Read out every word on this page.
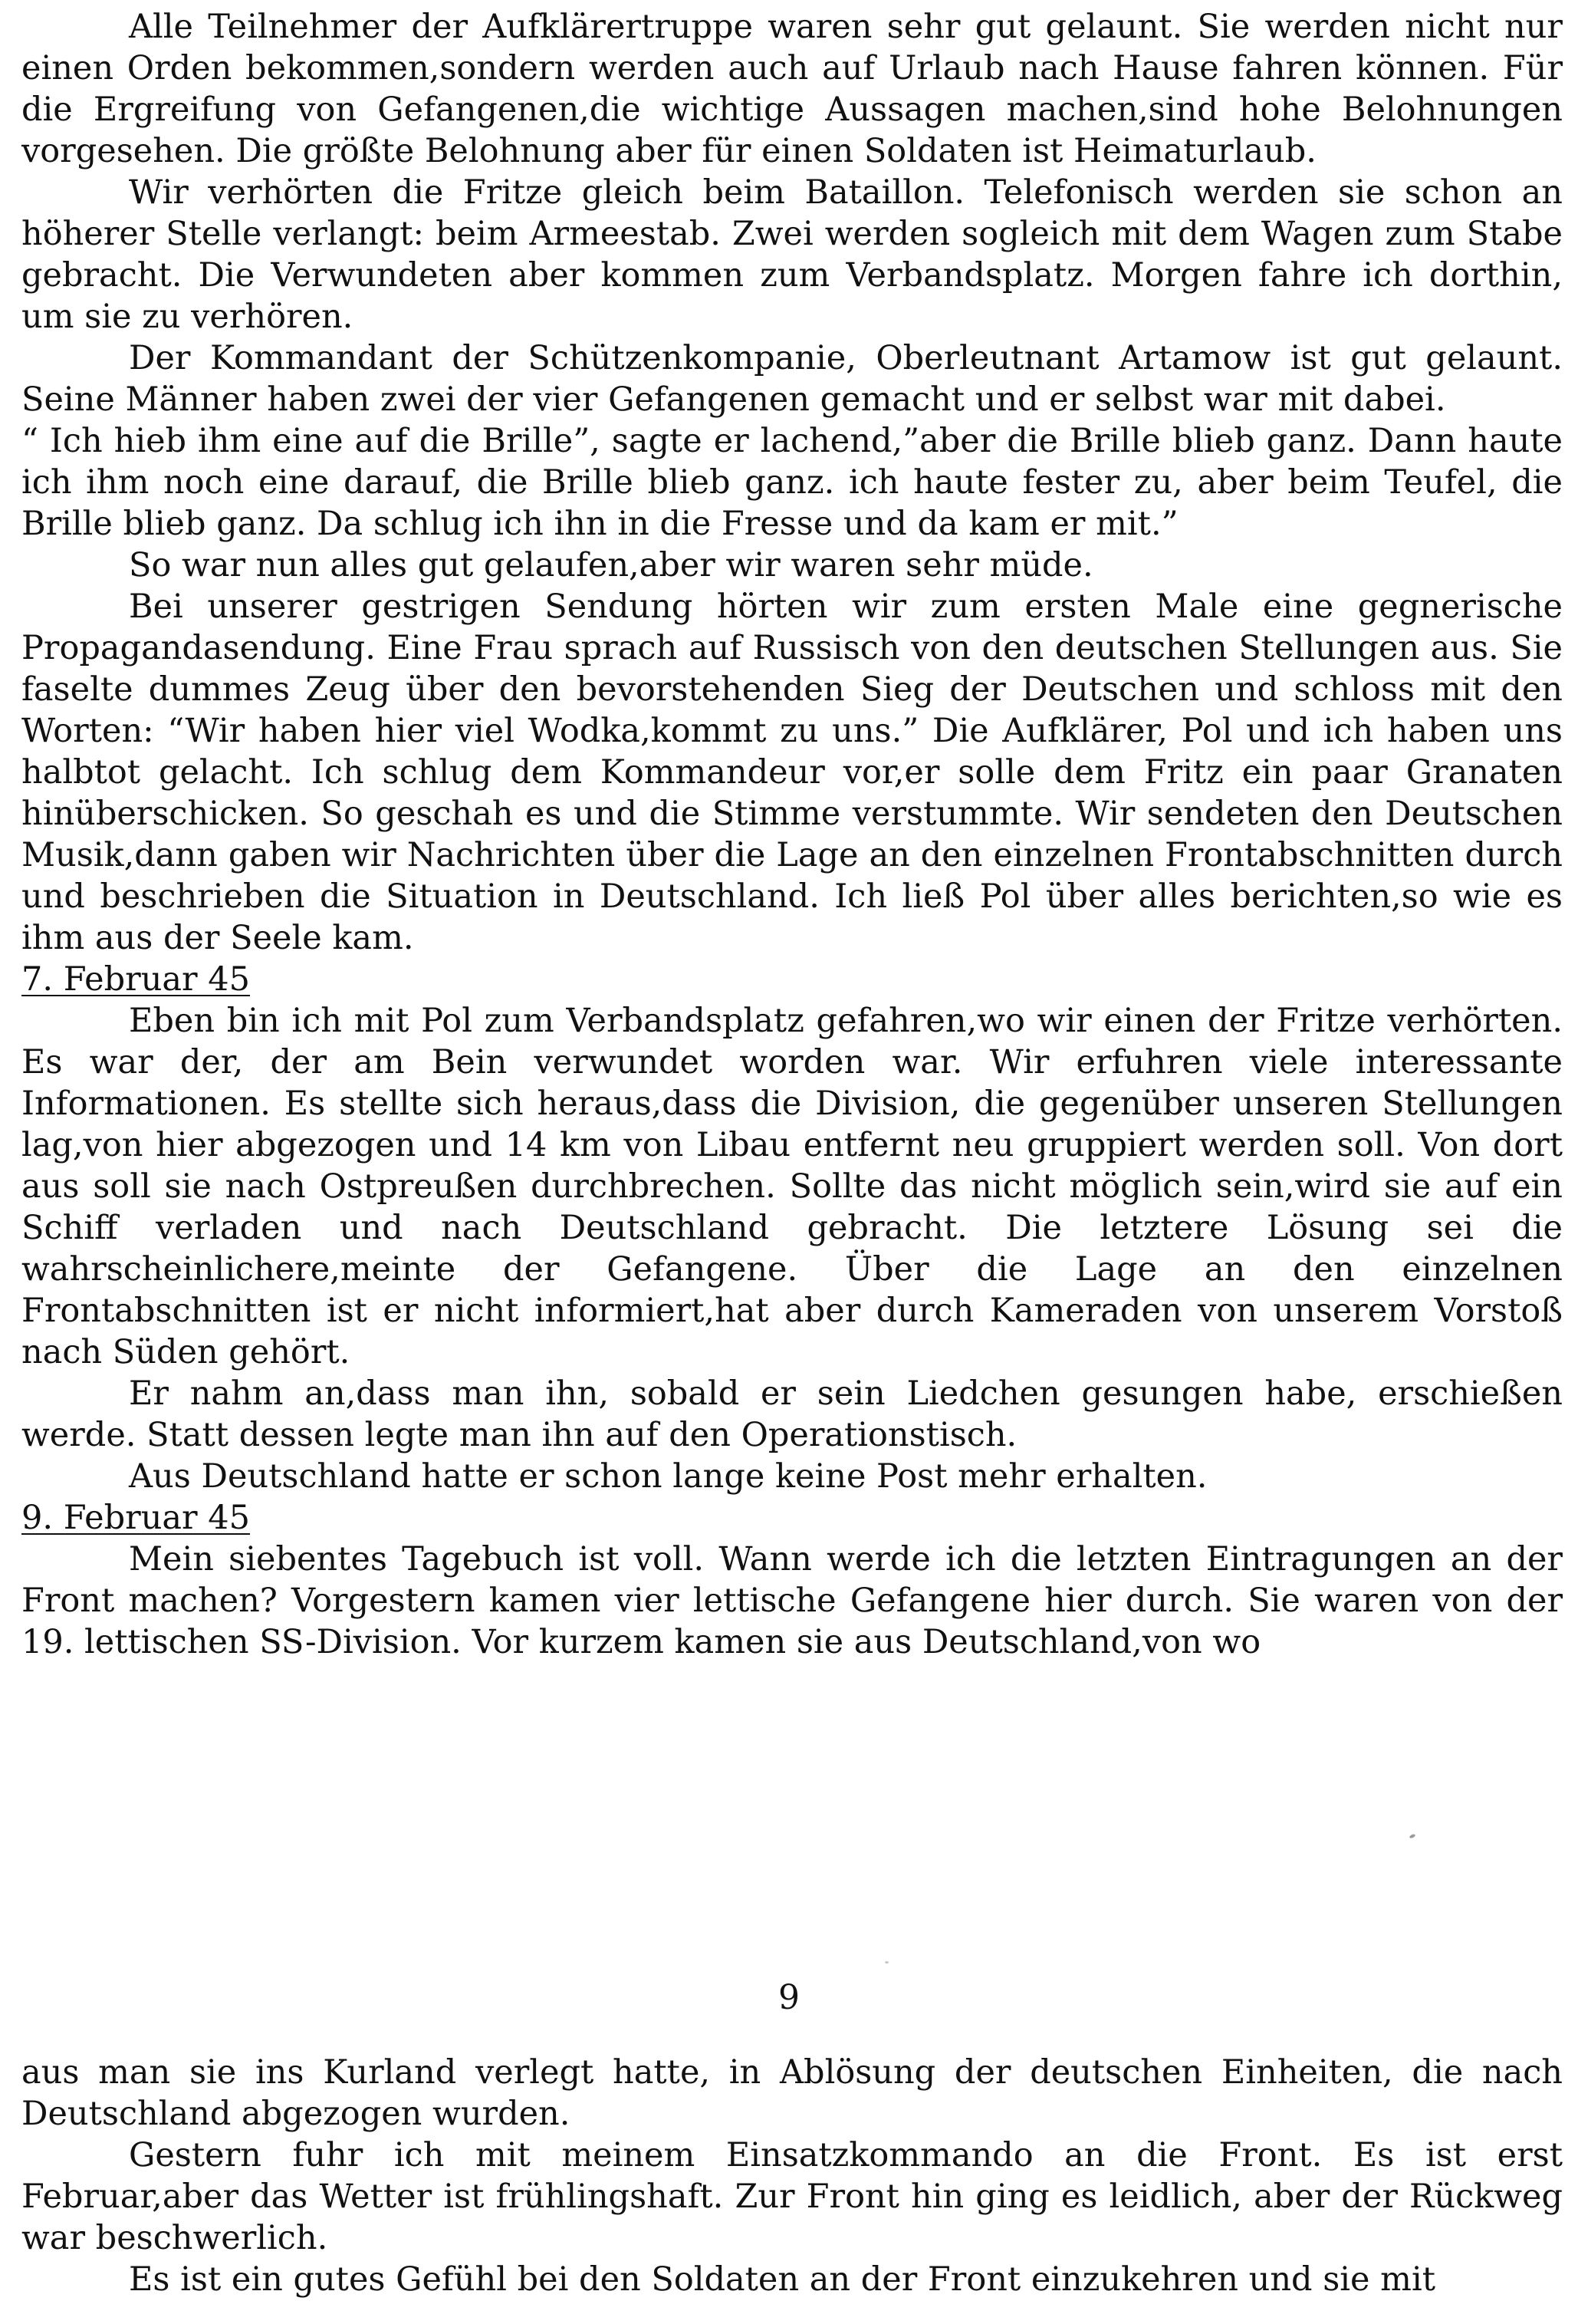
Alle Teilnehmer der Aufklärertruppe waren sehr gut gelaunt. Sie werden nicht nur einen Orden bekommen,sondern werden auch auf Urlaub nach Hause fahren können. Für die Ergreifung von Gefangenen,die wichtige Aussagen machen,sind hohe Belohnungen vorgesehen. Die größte Belohnung aber für einen Soldaten ist Heimaturlaub.

Wir verhörten die Fritze gleich beim Bataillon. Telefonisch werden sie schon an höherer Stelle verlangt: beim Armeestab. Zwei werden sogleich mit dem Wagen zum Stabe gebracht. Die Verwundeten aber kommen zum Verbandsplatz. Morgen fahre ich dorthin, um sie zu verhören.

Der Kommandant der Schützenkompanie, Oberleutnant Artamow ist gut gelaunt. Seine Männer haben zwei der vier Gefangenen gemacht und er selbst war mit dabei.

“ Ich hieb ihm eine auf die Brille”, sagte er lachend,”aber die Brille blieb ganz. Dann haute ich ihm noch eine darauf, die Brille blieb ganz. ich haute fester zu, aber beim Teufel, die Brille blieb ganz. Da schlug ich ihn in die Fresse und da kam er mit.”

So war nun alles gut gelaufen,aber wir waren sehr müde.

Bei unserer gestrigen Sendung hörten wir zum ersten Male eine gegnerische Propagandasendung. Eine Frau sprach auf Russisch von den deutschen Stellungen aus. Sie faselte dummes Zeug über den bevorstehenden Sieg der Deutschen und schloss mit den Worten: “Wir haben hier viel Wodka,kommt zu uns.” Die Aufklärer, Pol und ich haben uns halbtot gelacht. Ich schlug dem Kommandeur vor,er solle dem Fritz ein paar Granaten hinüberschicken. So geschah es und die Stimme verstummte. Wir sendeten den Deutschen Musik,dann gaben wir Nachrichten über die Lage an den einzelnen Frontabschnitten durch und beschrieben die Situation in Deutschland. Ich ließ Pol über alles berichten,so wie es ihm aus der Seele kam.

7. Februar 45

Eben bin ich mit Pol zum Verbandsplatz gefahren,wo wir einen der Fritze verhörten. Es war der, der am Bein verwundet worden war. Wir erfuhren viele interessante Informationen. Es stellte sich heraus,dass die Division, die gegenüber unseren Stellungen lag,von hier abgezogen und 14 km von Libau entfernt neu gruppiert werden soll. Von dort aus soll sie nach Ostpreußen durchbrechen. Sollte das nicht möglich sein,wird sie auf ein Schiff verladen und nach Deutschland gebracht. Die letztere Lösung sei die wahrscheinlichere,meinte der Gefangene. Über die Lage an den einzelnen Frontabschnitten ist er nicht informiert,hat aber durch Kameraden von unserem Vorstoß nach Süden gehört.

Er nahm an,dass man ihn, sobald er sein Liedchen gesungen habe, erschießen werde. Statt dessen legte man ihn auf den Operationstisch.

Aus Deutschland hatte er schon lange keine Post mehr erhalten.

9. Februar 45

Mein siebentes Tagebuch ist voll. Wann werde ich die letzten Eintragungen an der Front machen? Vorgestern kamen vier lettische Gefangene hier durch. Sie waren von der 19. lettischen SS-Division. Vor kurzem kamen sie aus Deutschland,von wo

9

aus man sie ins Kurland verlegt hatte, in Ablösung der deutschen Einheiten, die nach Deutschland abgezogen wurden.

Gestern fuhr ich mit meinem Einsatzkommando an die Front. Es ist erst Februar,aber das Wetter ist frühlingshaft. Zur Front hin ging es leidlich, aber der Rückweg war beschwerlich.

Es ist ein gutes Gefühl bei den Soldaten an der Front einzukehren und sie mit
